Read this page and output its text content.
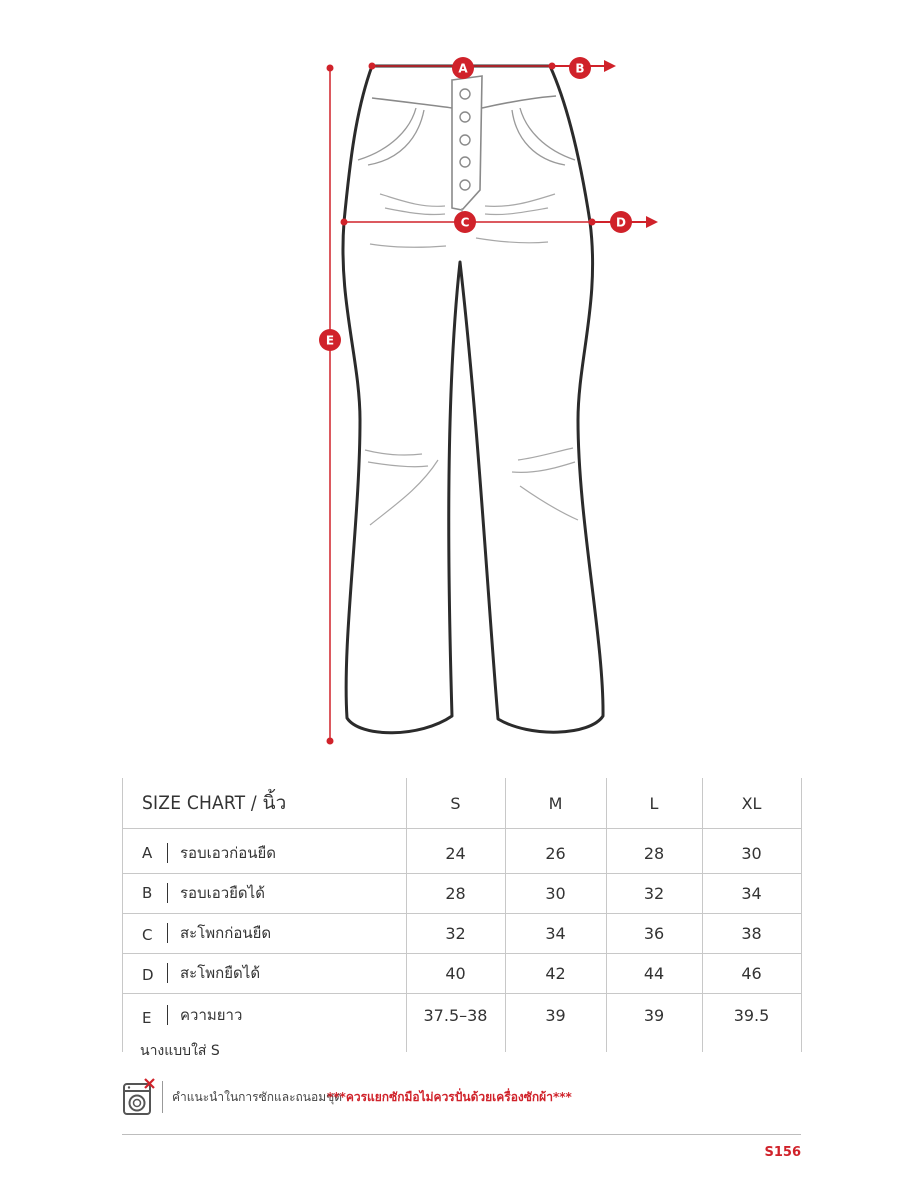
A	B
C	D
E
SIZE CHART / นิ้ว	S	M	L	XL
A รอบเอวก่อนยืด	24	26	28	30
B รอบเอวยืดได้	28	30	32	34
C สะโพกก่อนยืด	32	34	36	38
D สะโพกยืดได้	40	42	44	46
E	ความยาว	37.5–38	39	39	39.5
นางแบบใส่ S
คำแนะนำในการซักและถนอมชุด
***ควรแยกซักมือไม่ควรปั่นด้วยเครื่องซักผ้า***
S156
